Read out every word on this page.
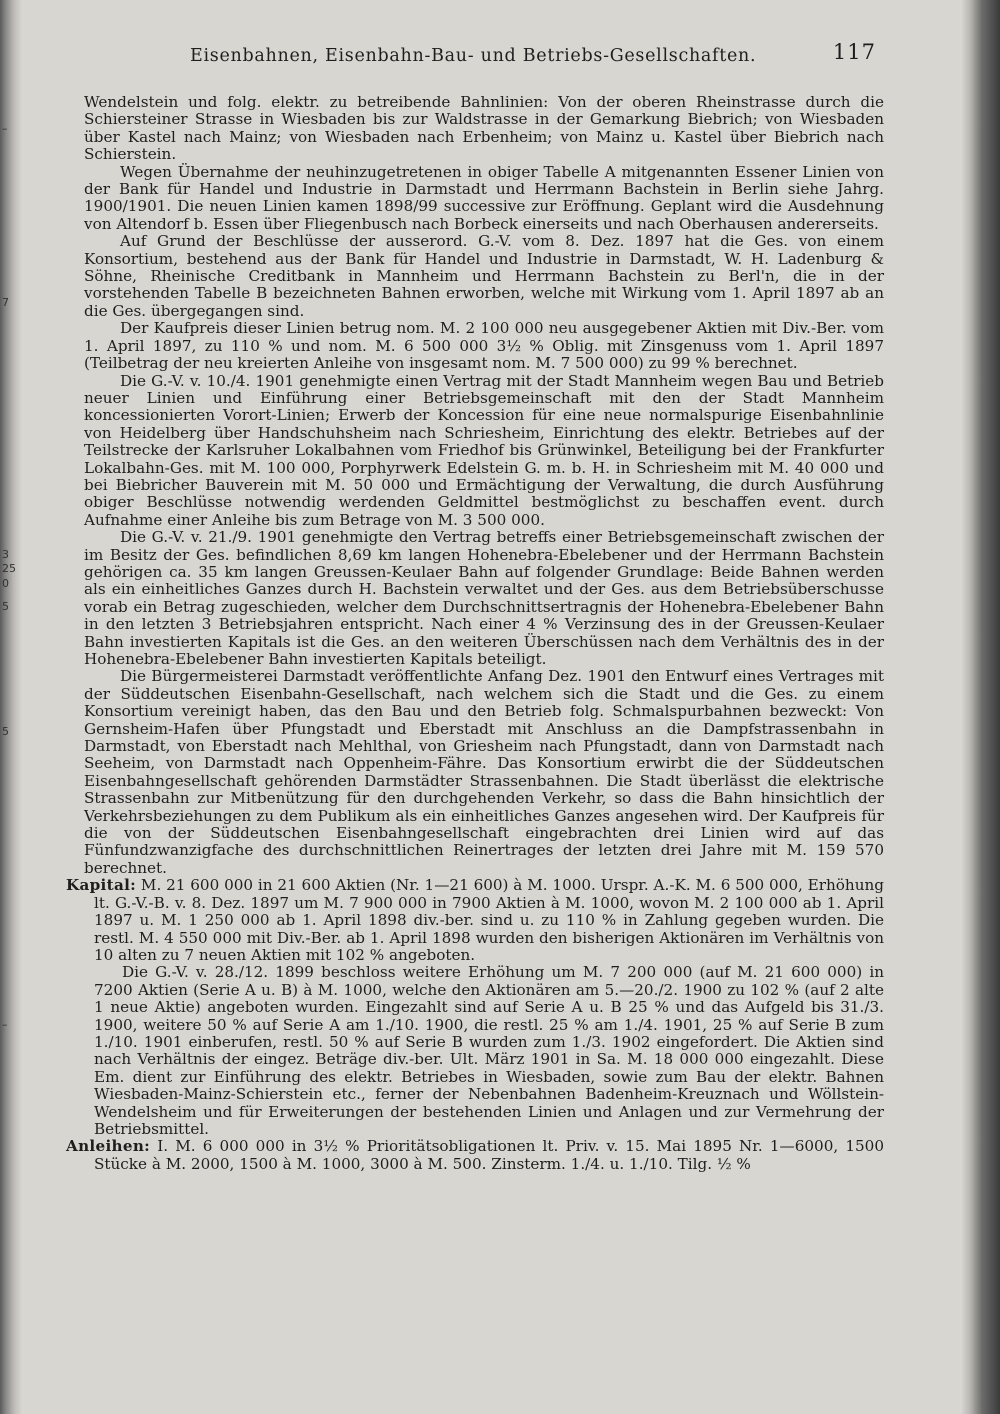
–
7
3
25
0
5
5
–
Eisenbahnen, Eisenbahn-Bau- und Betriebs-Gesellschaften.	117

Wendelstein und folg. elektr. zu betreibende Bahnlinien: Von der oberen Rheinstrasse durch die Schiersteiner Strasse in Wiesbaden bis zur Waldstrasse in der Gemarkung Biebrich; von Wiesbaden über Kastel nach Mainz; von Wiesbaden nach Erbenheim; von Mainz u. Kastel über Biebrich nach Schierstein.

Wegen Übernahme der neuhinzugetretenen in obiger Tabelle A mitgenannten Essener Linien von der Bank für Handel und Industrie in Darmstadt und Herrmann Bachstein in Berlin siehe Jahrg. 1900/1901. Die neuen Linien kamen 1898/99 successive zur Eröffnung. Geplant wird die Ausdehnung von Altendorf b. Essen über Fliegenbusch nach Borbeck einerseits und nach Oberhausen andererseits.

Auf Grund der Beschlüsse der ausserord. G.-V. vom 8. Dez. 1897 hat die Ges. von einem Konsortium, bestehend aus der Bank für Handel und Industrie in Darmstadt, W. H. Ladenburg & Söhne, Rheinische Creditbank in Mannheim und Herrmann Bachstein zu Berl'n, die in der vorstehenden Tabelle B bezeichneten Bahnen erworben, welche mit Wirkung vom 1. April 1897 ab an die Ges. übergegangen sind.

Der Kaufpreis dieser Linien betrug nom. M. 2 100 000 neu ausgegebener Aktien mit Div.-Ber. vom 1. April 1897, zu 110 % und nom. M. 6 500 000 3½ % Oblig. mit Zinsgenuss vom 1. April 1897 (Teilbetrag der neu kreierten Anleihe von insgesamt nom. M. 7 500 000) zu 99 % berechnet.

Die G.-V. v. 10./4. 1901 genehmigte einen Vertrag mit der Stadt Mannheim wegen Bau und Betrieb neuer Linien und Einführung einer Betriebsgemeinschaft mit den der Stadt Mannheim koncessionierten Vorort-Linien; Erwerb der Koncession für eine neue normalspurige Eisenbahnlinie von Heidelberg über Handschuhsheim nach Schriesheim, Einrichtung des elektr. Betriebes auf der Teilstrecke der Karlsruher Lokalbahnen vom Friedhof bis Grünwinkel, Beteiligung bei der Frankfurter Lokalbahn-Ges. mit M. 100 000, Porphyrwerk Edelstein G. m. b. H. in Schriesheim mit M. 40 000 und bei Biebricher Bauverein mit M. 50 000 und Ermächtigung der Verwaltung, die durch Ausführung obiger Beschlüsse notwendig werdenden Geldmittel bestmöglichst zu beschaffen event. durch Aufnahme einer Anleihe bis zum Betrage von M. 3 500 000.

Die G.-V. v. 21./9. 1901 genehmigte den Vertrag betreffs einer Betriebsgemeinschaft zwischen der im Besitz der Ges. befindlichen 8,69 km langen Hohenebra-Ebelebener und der Herrmann Bachstein gehörigen ca. 35 km langen Greussen-Keulaer Bahn auf folgender Grundlage: Beide Bahnen werden als ein einheitliches Ganzes durch H. Bachstein verwaltet und der Ges. aus dem Betriebsüberschusse vorab ein Betrag zugeschieden, welcher dem Durchschnittsertragnis der Hohenebra-Ebelebener Bahn in den letzten 3 Betriebsjahren entspricht. Nach einer 4 % Verzinsung des in der Greussen-Keulaer Bahn investierten Kapitals ist die Ges. an den weiteren Überschüssen nach dem Verhältnis des in der Hohenebra-Ebelebener Bahn investierten Kapitals beteiligt.

Die Bürgermeisterei Darmstadt veröffentlichte Anfang Dez. 1901 den Entwurf eines Vertrages mit der Süddeutschen Eisenbahn-Gesellschaft, nach welchem sich die Stadt und die Ges. zu einem Konsortium vereinigt haben, das den Bau und den Betrieb folg. Schmalspurbahnen bezweckt: Von Gernsheim-Hafen über Pfungstadt und Eberstadt mit Anschluss an die Dampfstrassenbahn in Darmstadt, von Eberstadt nach Mehlthal, von Griesheim nach Pfungstadt, dann von Darmstadt nach Seeheim, von Darmstadt nach Oppenheim-Fähre. Das Konsortium erwirbt die der Süddeutschen Eisenbahngesellschaft gehörenden Darmstädter Strassenbahnen. Die Stadt überlässt die elektrische Strassenbahn zur Mitbenützung für den durchgehenden Verkehr, so dass die Bahn hinsichtlich der Verkehrsbeziehungen zu dem Publikum als ein einheitliches Ganzes angesehen wird. Der Kaufpreis für die von der Süddeutschen Eisenbahngesellschaft eingebrachten drei Linien wird auf das Fünfundzwanzigfache des durchschnittlichen Reinertrages der letzten drei Jahre mit M. 159 570 berechnet.

Kapital: M. 21 600 000 in 21 600 Aktien (Nr. 1—21 600) à M. 1000. Urspr. A.-K. M. 6 500 000, Erhöhung lt. G.-V.-B. v. 8. Dez. 1897 um M. 7 900 000 in 7900 Aktien à M. 1000, wovon M. 2 100 000 ab 1. April 1897 u. M. 1 250 000 ab 1. April 1898 div.-ber. sind u. zu 110 % in Zahlung gegeben wurden. Die restl. M. 4 550 000 mit Div.-Ber. ab 1. April 1898 wurden den bisherigen Aktionären im Verhältnis von 10 alten zu 7 neuen Aktien mit 102 % angeboten.

Die G.-V. v. 28./12. 1899 beschloss weitere Erhöhung um M. 7 200 000 (auf M. 21 600 000) in 7200 Aktien (Serie A u. B) à M. 1000, welche den Aktionären am 5.—20./2. 1900 zu 102 % (auf 2 alte 1 neue Aktie) angeboten wurden. Eingezahlt sind auf Serie A u. B 25 % und das Aufgeld bis 31./3. 1900, weitere 50 % auf Serie A am 1./10. 1900, die restl. 25 % am 1./4. 1901, 25 % auf Serie B zum 1./10. 1901 einberufen, restl. 50 % auf Serie B wurden zum 1./3. 1902 eingefordert. Die Aktien sind nach Verhältnis der eingez. Beträge div.-ber. Ult. März 1901 in Sa. M. 18 000 000 eingezahlt. Diese Em. dient zur Einführung des elektr. Betriebes in Wiesbaden, sowie zum Bau der elektr. Bahnen Wiesbaden-Mainz-Schierstein etc., ferner der Nebenbahnen Badenheim-Kreuznach und Wöllstein-Wendelsheim und für Erweiterungen der bestehenden Linien und Anlagen und zur Vermehrung der Betriebsmittel.

Anleihen: I. M. 6 000 000 in 3½ % Prioritätsobligationen lt. Priv. v. 15. Mai 1895 Nr. 1—6000, 1500 Stücke à M. 2000, 1500 à M. 1000, 3000 à M. 500. Zinsterm. 1./4. u. 1./10. Tilg. ½ %
